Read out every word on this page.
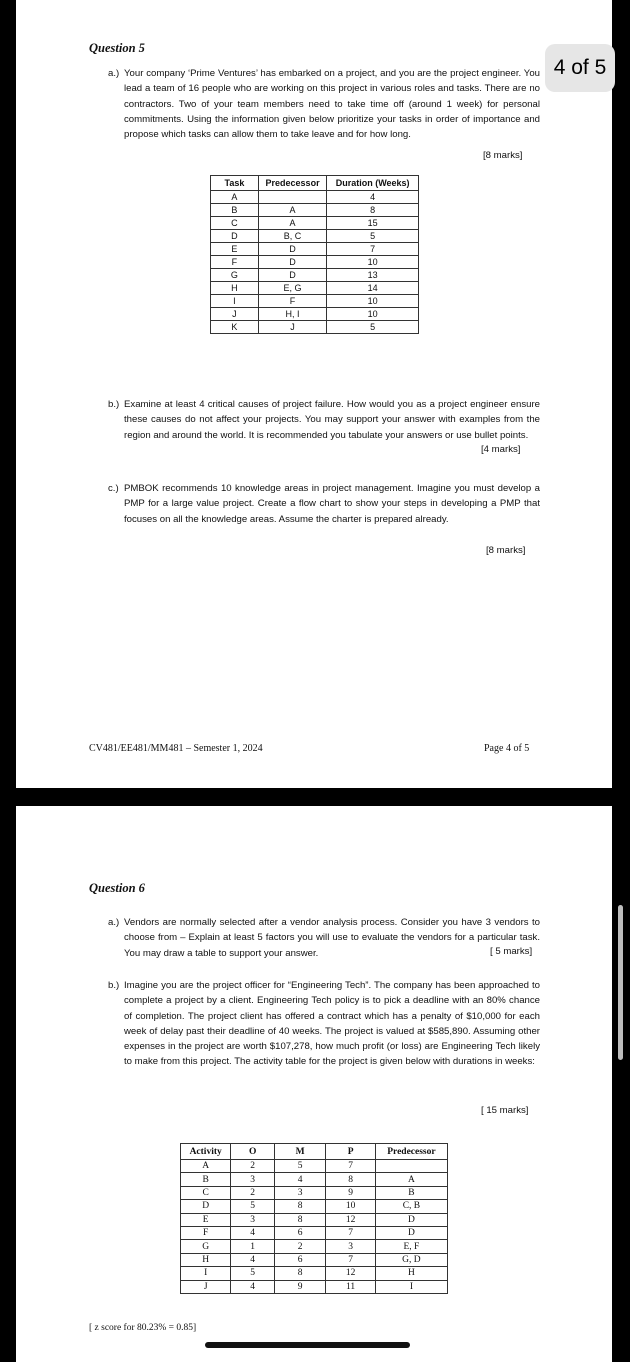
Question 5
a.) Your company ‘Prime Ventures’ has embarked on a project, and you are the project engineer. You lead a team of 16 people who are working on this project in various roles and tasks. There are no contractors. Two of your team members need to take time off (around 1 week) for personal commitments. Using the information given below prioritize your tasks in order of importance and propose which tasks can allow them to take leave and for how long.
[8 marks]
Task	Predecessor	Duration (Weeks)
A		4
B	A	8
C	A	15
D	B, C	5
E	D	7
F	D	10
G	D	13
H	E, G	14
I	F	10
J	H, I	10
K	J	5
b.) Examine at least 4 critical causes of project failure. How would you as a project engineer ensure these causes do not affect your projects. You may support your answer with examples from the region and around the world. It is recommended you tabulate your answers or use bullet points.
[4 marks]
c.) PMBOK recommends 10 knowledge areas in project management. Imagine you must develop a PMP for a large value project. Create a flow chart to show your steps in developing a PMP that focuses on all the knowledge areas. Assume the charter is prepared already.
[8 marks]
CV481/EE481/MM481 – Semester 1, 2024	Page 4 of 5
4 of 5
Question 6
a.) Vendors are normally selected after a vendor analysis process. Consider you have 3 vendors to choose from – Explain at least 5 factors you will use to evaluate the vendors for a particular task. You may draw a table to support your answer.	[ 5 marks]
b.) Imagine you are the project officer for “Engineering Tech”. The company has been approached to complete a project by a client. Engineering Tech policy is to pick a deadline with an 80% chance of completion. The project client has offered a contract which has a penalty of $10,000 for each week of delay past their deadline of 40 weeks. The project is valued at $585,890. Assuming other expenses in the project are worth $107,278, how much profit (or loss) are Engineering Tech likely to make from this project. The activity table for the project is given below with durations in weeks:
[ 15 marks]
Activity	O	M	P	Predecessor
A	2	5	7	
B	3	4	8	A
C	2	3	9	B
D	5	8	10	C, B
E	3	8	12	D
F	4	6	7	D
G	1	2	3	E, F
H	4	6	7	G, D
I	5	8	12	H
J	4	9	11	I
[ z score for 80.23% = 0.85]
